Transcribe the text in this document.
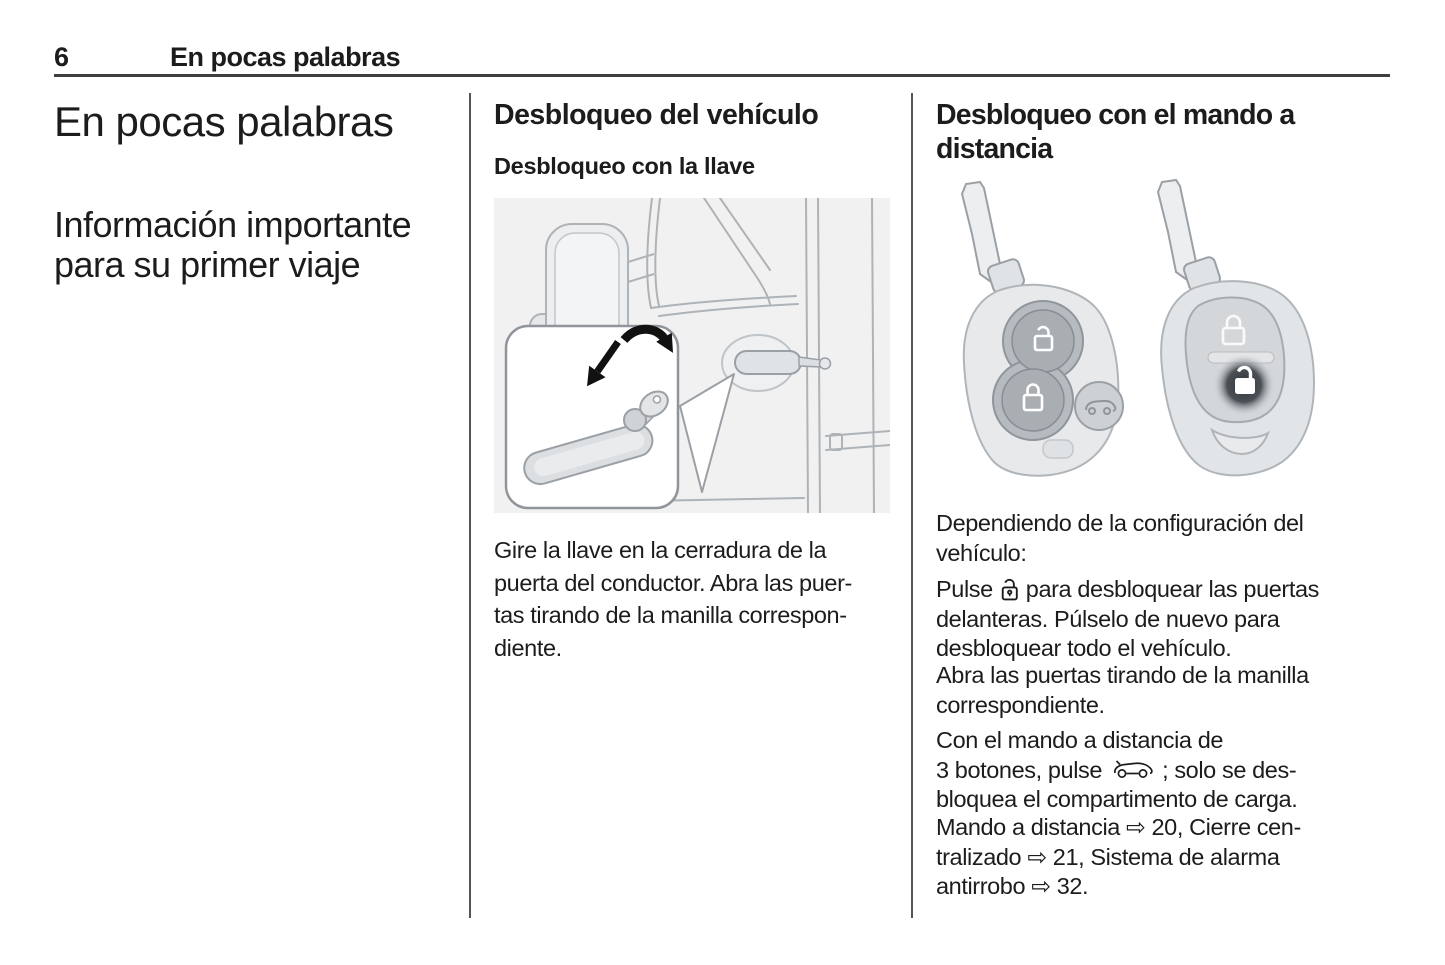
6	En pocas palabras
En pocas palabras
Información importante
para su primer viaje
Desbloqueo del vehículo
Desbloqueo con la llave

Gire la llave en la cerradura de la
puerta del conductor. Abra las puer-
tas tirando de la manilla correspon-
diente.

Desbloqueo con el mando a
distancia

Dependiendo de la configuración del
vehículo:

Pulse para desbloquear las puertas
delanteras. Púlselo de nuevo para
desbloquear todo el vehículo.

Abra las puertas tirando de la manilla
correspondiente.

Con el mando a distancia de
3 botones, pulse	; solo se des-
bloquea el compartimento de carga.

Mando a distancia ⇨ 20, Cierre cen-
tralizado ⇨ 21, Sistema de alarma
antirrobo ⇨ 32.
